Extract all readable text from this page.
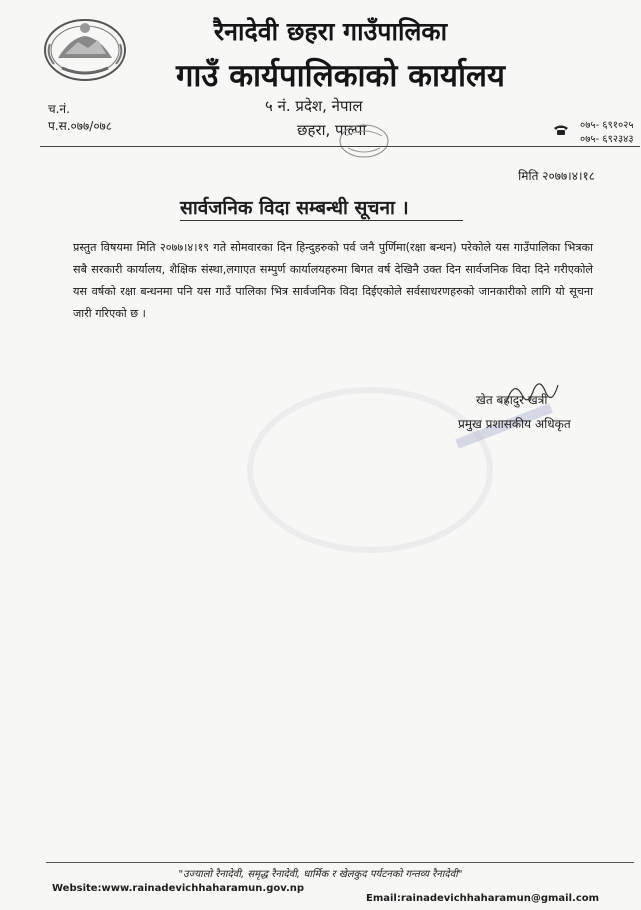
रैनादेवी छहरा गाउँपालिका
गाउँ कार्यपालिकाको कार्यालय
५ नं. प्रदेश, नेपाल
छहरा, पाल्पा
च.नं.
प.स.०७७/०७८	०७५- ६९१०२५
०७५- ६९२३४३
मिति २०७७।४।१८
सार्वजनिक विदा सम्बन्धी सूचना ।
प्रस्तुत विषयमा मिति २०७७।४।१९ गते सोमवारका दिन हिन्दुहरुको पर्व जनै पुर्णिमा(रक्षा बन्धन) परेकोले यस गाउँपालिका भित्रका सबै सरकारी कार्यालय, शैक्षिक संस्था,लगाएत सम्पुर्ण कार्यालयहरुमा बिगत वर्ष देखिनै उक्त दिन सार्वजनिक विदा दिने गरीएकोले यस वर्षको रक्षा बन्धनमा पनि यस गाउँ पालिका भित्र सार्वजनिक विदा दिईएकोले सर्वसाधरणहरुको जानकारीको लागि यो सूचना जारी गरिएको छ ।
खेत बहादुर खत्री
प्रमुख प्रशासकीय अधिकृत
"उज्यालो रैनादेवी, समृद्ध रैनादेवी, धार्मिक र खेलकुद पर्यटनको गन्तव्य रैनादेवी"
Website:www.rainadevichhaharamun.gov.np
Email:rainadevichhaharamun@gmail.com
